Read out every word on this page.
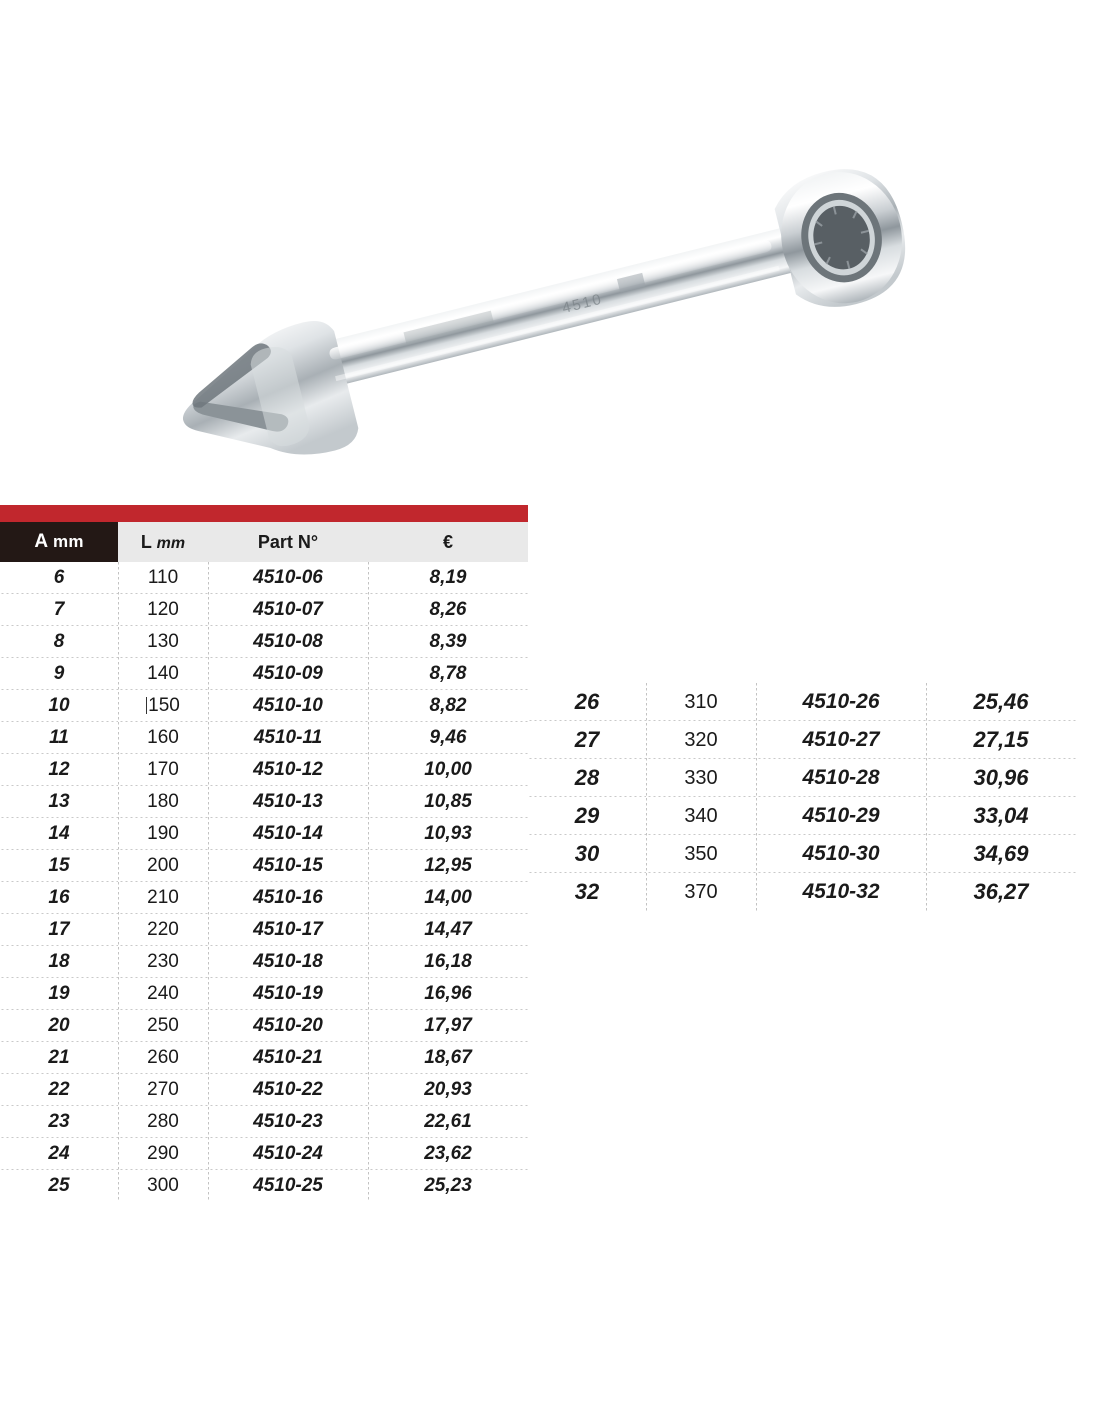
4510
A mm	L mm	Part N°	€
6	110	4510-06	8,19
7	120	4510-07	8,26
8	130	4510-08	8,39
9	140	4510-09	8,78
10	150	4510-10	8,82
11	160	4510-11	9,46
12	170	4510-12	10,00
13	180	4510-13	10,85
14	190	4510-14	10,93
15	200	4510-15	12,95
16	210	4510-16	14,00
17	220	4510-17	14,47
18	230	4510-18	16,18
19	240	4510-19	16,96
20	250	4510-20	17,97
21	260	4510-21	18,67
22	270	4510-22	20,93
23	280	4510-23	22,61
24	290	4510-24	23,62
25	300	4510-25	25,23
26	310	4510-26	25,46
27	320	4510-27	27,15
28	330	4510-28	30,96
29	340	4510-29	33,04
30	350	4510-30	34,69
32	370	4510-32	36,27
